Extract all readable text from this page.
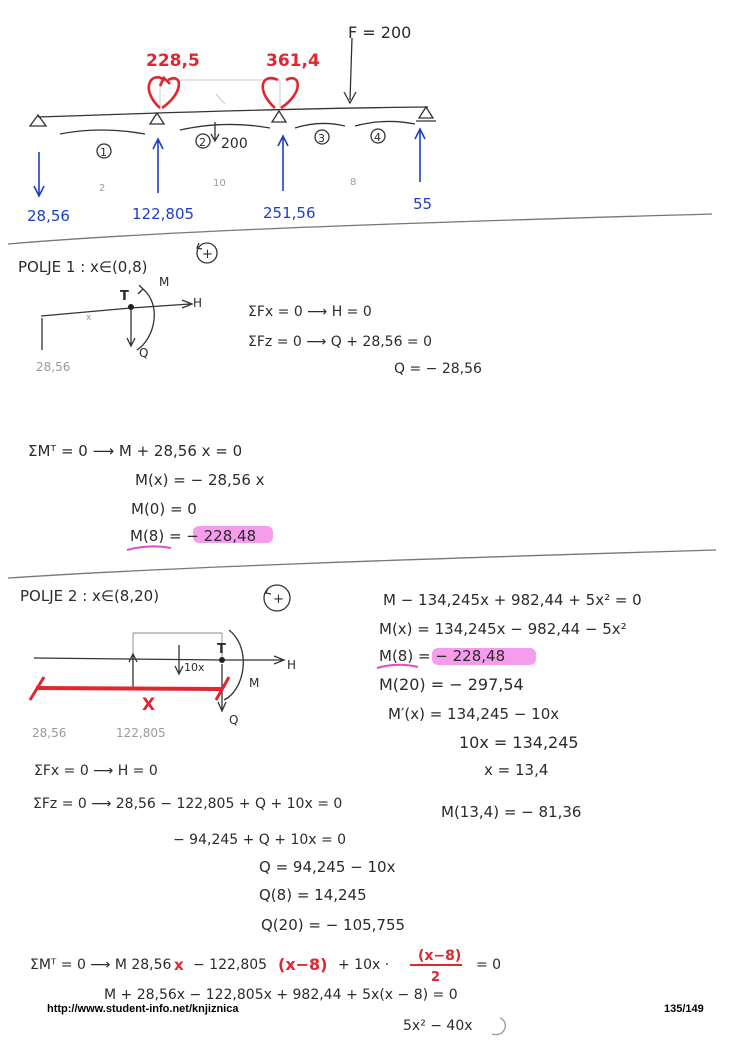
F = 200
228,5	361,4
1
2	3	4
200
2	10	8
28,56	122,805	251,56	55
+
POLJE 1 : x∈(0,8)
T
M
H
Q
x
28,56
ΣFx = 0 ⟶ H = 0
ΣFz = 0 ⟶ Q + 28,56 = 0
Q = − 28,56
ΣMᵀ = 0 ⟶ M + 28,56 x = 0
M(x) = − 28,56 x
M(0) = 0
M(8) = − 228,48
POLJE 2 : x∈(8,20)	+
10x
T
M
H
Q
X
28,56	122,805
M − 134,245x + 982,44 + 5x² = 0
M(x) = 134,245x − 982,44 − 5x²
M(8) = − 228,48
M(20) = − 297,54
M′(x) = 134,245 − 10x
10x = 134,245
x = 13,4
M(13,4) = − 81,36
ΣFx = 0 ⟶ H = 0
ΣFz = 0 ⟶ 28,56 − 122,805 + Q + 10x = 0
− 94,245 + Q + 10x = 0
Q = 94,245 − 10x
Q(8) = 14,245
Q(20) = − 105,755
ΣMᵀ = 0 ⟶ M 28,56 x − 122,805 (x−8) + 10x ·
(x−8)
2
= 0
M + 28,56x − 122,805x + 982,44 + 5x(x − 8) = 0
5x² − 40x
http://www.student-info.net/knjiznica	135/149
